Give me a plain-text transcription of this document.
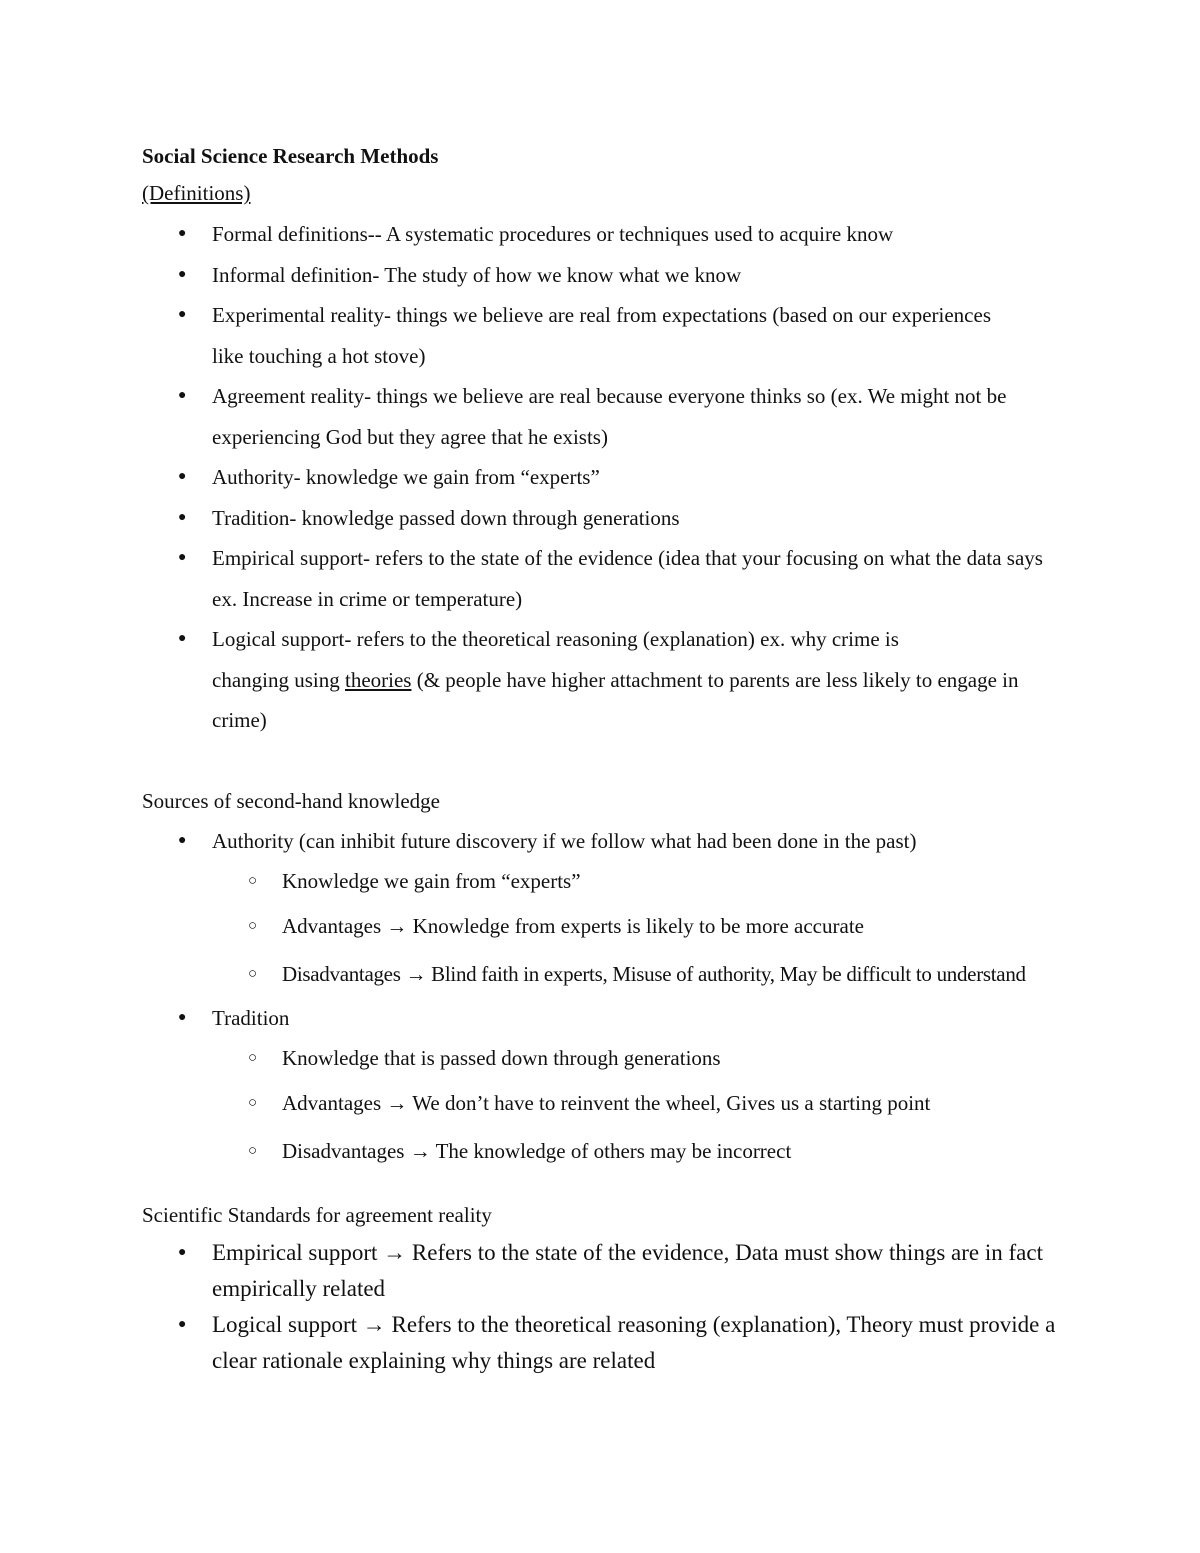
Social Science Research Methods
(Definitions)
● Formal definitions-- A systematic procedures or techniques used to acquire know
● Informal definition- The study of how we know what we know
● Experimental reality- things we believe are real from expectations (based on our experiences like touching a hot stove)
● Agreement reality- things we believe are real because everyone thinks so (ex. We might not be experiencing God but they agree that he exists)
● Authority- knowledge we gain from “experts”
● Tradition- knowledge passed down through generations
● Empirical support- refers to the state of the evidence (idea that your focusing on what the data says ex. Increase in crime or temperature)
● Logical support- refers to the theoretical reasoning (explanation) ex. why crime is
changing using theories (& people have higher attachment to parents are less likely to engage in crime)
Sources of second-hand knowledge
● Authority (can inhibit future discovery if we follow what had been done in the past)
○ Knowledge we gain from “experts”
○ Advantages → Knowledge from experts is likely to be more accurate
○ Disadvantages → Blind faith in experts, Misuse of authority, May be difficult to understand
● Tradition
○ Knowledge that is passed down through generations
○ Advantages → We don’t have to reinvent the wheel, Gives us a starting point
○ Disadvantages → The knowledge of others may be incorrect
Scientific Standards for agreement reality
● Empirical support → Refers to the state of the evidence, Data must show things are in fact empirically related
● Logical support → Refers to the theoretical reasoning (explanation), Theory must provide a clear rationale explaining why things are related
